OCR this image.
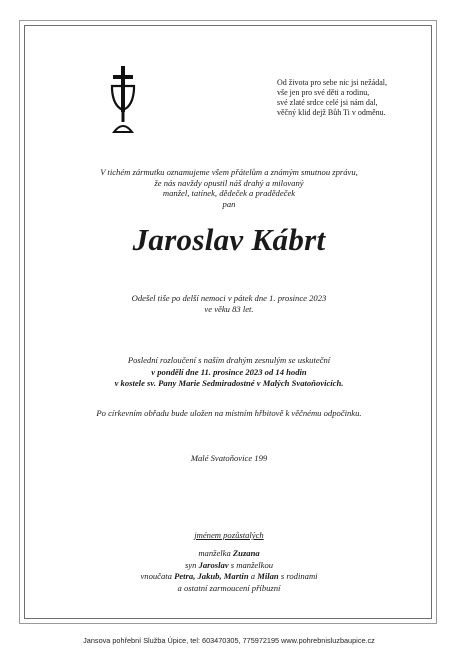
Od života pro sebe nic jsi nežádal,
vše jen pro své děti a rodinu,
své zlaté srdce celé jsi nám dal,
věčný klid dejž Bůh Ti v odměnu.
V tichém zármutku oznamujeme všem přátelům a známým smutnou zprávu,
že nás navždy opustil náš drahý a milovaný
manžel, tatínek, dědeček a pradědeček
pan
Jaroslav Kábrt
Odešel tiše po delší nemoci v pátek dne 1. prosince 2023
ve věku 83 let.
Poslední rozloučení s naším drahým zesnulým se uskuteční
v pondělí dne 11. prosince 2023 od 14 hodin
v kostele sv. Pany Marie Sedmiradostné v Malých Svatoňovicích.
Po církevním obřadu bude uložen na místním hřbitově k věčnému odpočinku.
Malé Svatoňovice 199
jménem pozůstalých
manželka Zuzana
syn Jaroslav s manželkou
vnoučata Petra, Jakub, Martin a Milan s rodinami
a ostatní zarmoucení příbuzní
Jansova pohřební Služba Úpice, tel: 603470305, 775972195 www.pohrebnisluzbaupice.cz
